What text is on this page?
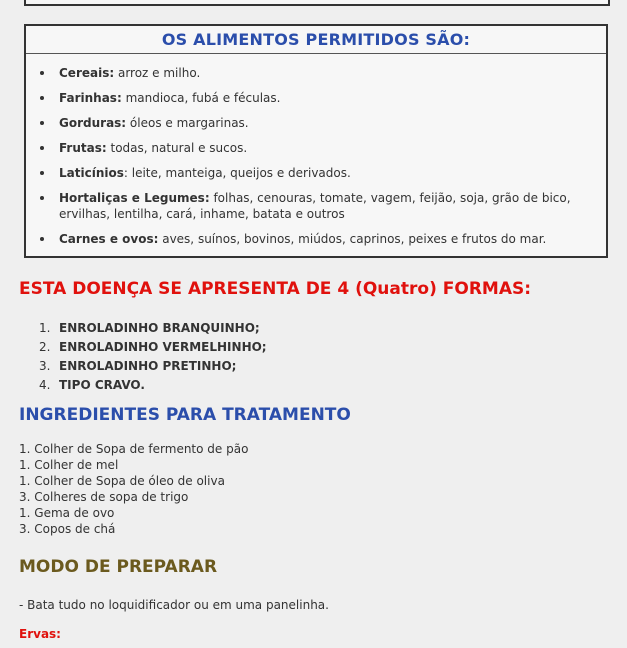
OS ALIMENTOS PERMITIDOS SÃO:
Cereais: arroz e milho.
Farinhas: mandioca, fubá e féculas.
Gorduras: óleos e margarinas.
Frutas: todas, natural e sucos.
Laticínios: leite, manteiga, queijos e derivados.
Hortaliças e Legumes: folhas, cenouras, tomate, vagem, feijão, soja, grão de bico, ervilhas, lentilha, cará, inhame, batata e outros
Carnes e ovos: aves, suínos, bovinos, miúdos, caprinos, peixes e frutos do mar.
ESTA DOENÇA SE APRESENTA DE 4 (Quatro) FORMAS:
1. ENROLADINHO BRANQUINHO;
2. ENROLADINHO VERMELHINHO;
3. ENROLADINHO PRETINHO;
4. TIPO CRAVO.
INGREDIENTES PARA TRATAMENTO
1. Colher de Sopa de fermento de pão
1. Colher de mel
1. Colher de Sopa de óleo de oliva
3. Colheres de sopa de trigo
1. Gema de ovo
3. Copos de chá
MODO DE PREPARAR

- Bata tudo no loquidificador ou em uma panelinha.

Ervas:
